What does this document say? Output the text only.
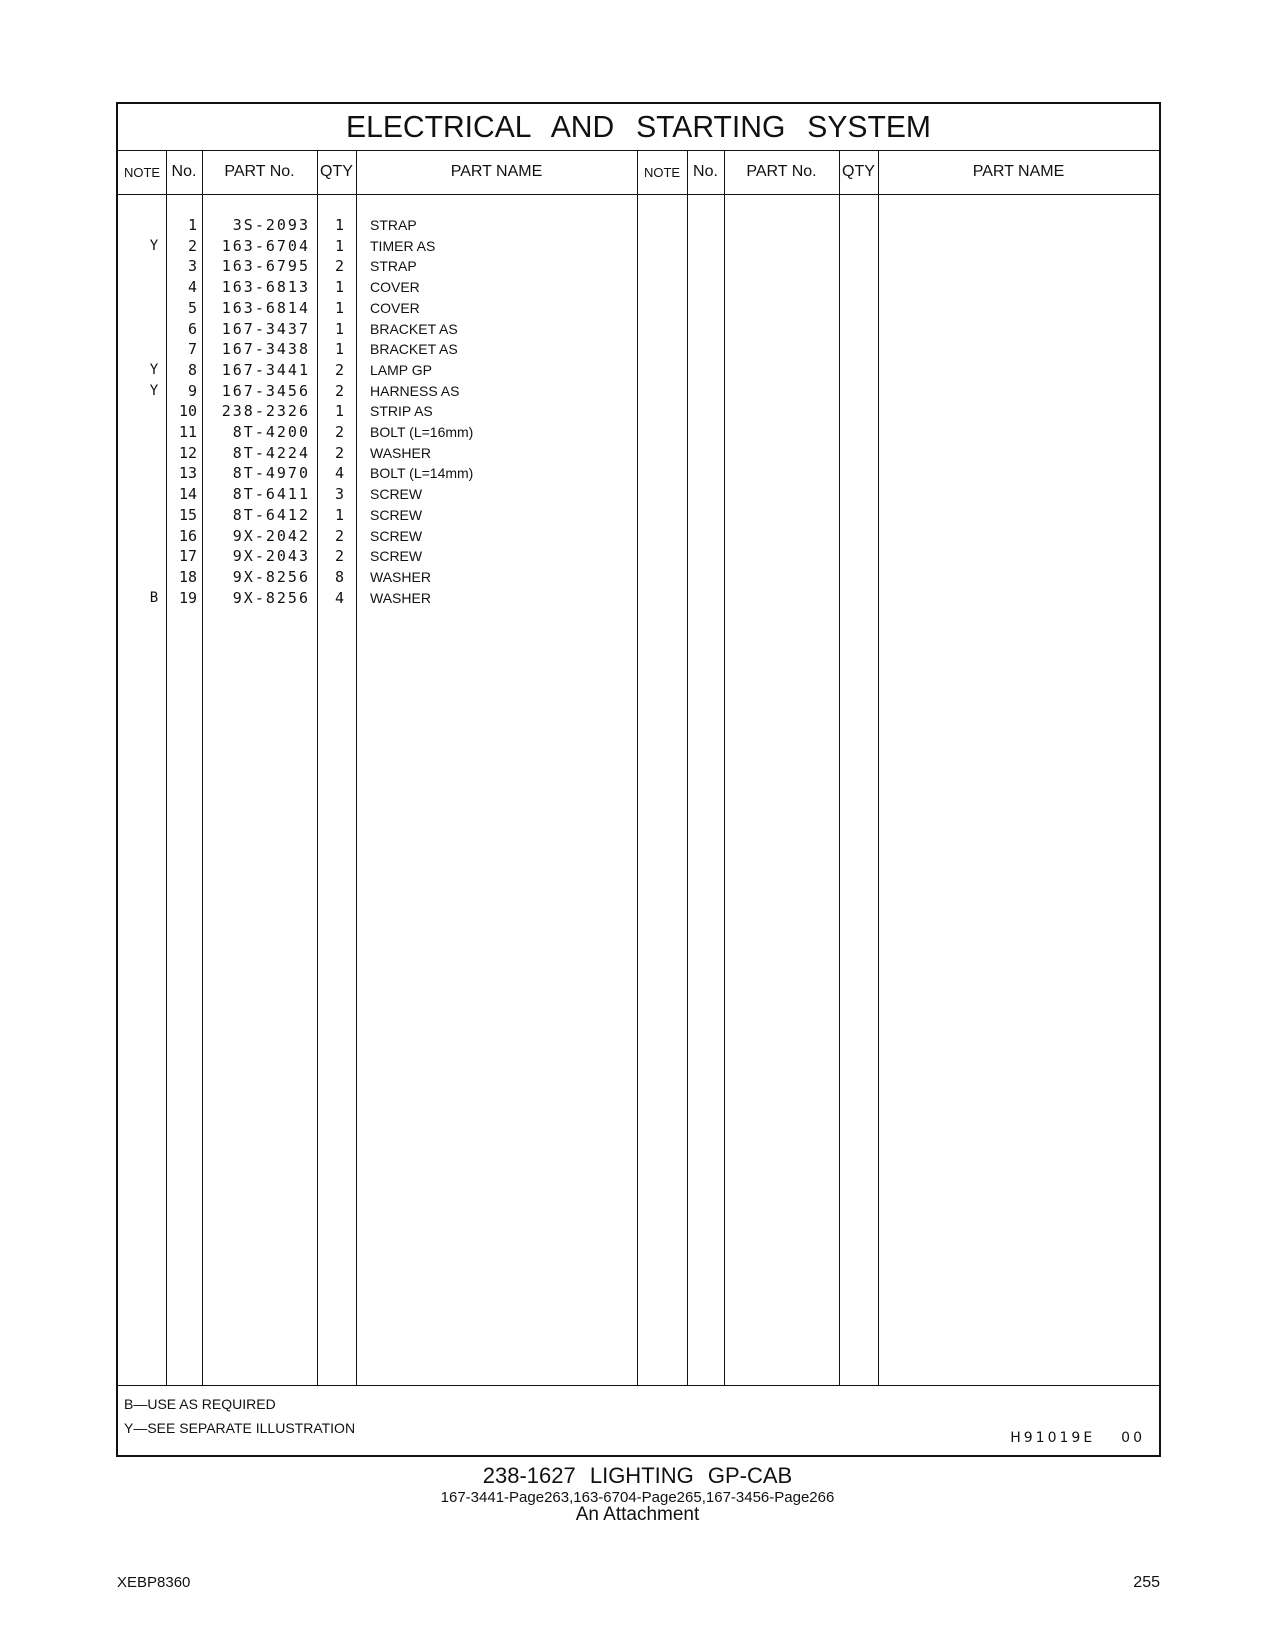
ELECTRICAL AND STARTING SYSTEM
NOTE No.	PART No.	QTY	PART NAME	NOTE No.	PART No.	QTY	PART NAME
1	3S-2093	1 STRAP
Y	2	163-6704	1 TIMER AS
3	163-6795	2 STRAP
4	163-6813	1 COVER
5	163-6814	1 COVER
6	167-3437	1 BRACKET AS
7	167-3438	1 BRACKET AS
Y	8	167-3441	2 LAMP GP
Y	9	167-3456	2 HARNESS AS
10	238-2326	1 STRIP AS
11	8T-4200	2 BOLT (L=16mm)
12	8T-4224	2 WASHER
13	8T-4970	4 BOLT (L=14mm)
14	8T-6411	3 SCREW
15	8T-6412	1 SCREW
16	9X-2042	2 SCREW
17	9X-2043	2 SCREW
18	9X-8256	8 WASHER
B	19	9X-8256	4 WASHER
B—USE AS REQUIRED
Y—SEE SEPARATE ILLUSTRATION
H91019E 00
238-1627 LIGHTING GP-CAB
167-3441-Page263,163-6704-Page265,167-3456-Page266
An Attachment
XEBP8360	255
